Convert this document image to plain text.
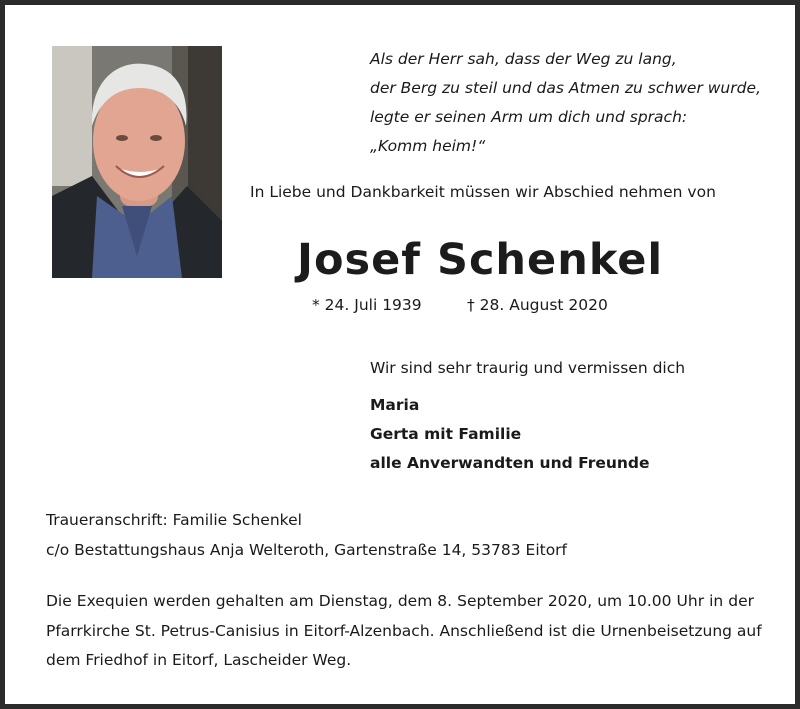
Als der Herr sah, dass der Weg zu lang,
der Berg zu steil und das Atmen zu schwer wurde,
legte er seinen Arm um dich und sprach:
„Komm heim!“
In Liebe und Dankbarkeit müssen wir Abschied nehmen von
Josef Schenkel
* 24. Juli 1939	† 28. August 2020
Wir sind sehr traurig und vermissen dich
Maria
Gerta mit Familie
alle Anverwandten und Freunde
Traueranschrift: Familie Schenkel
c/o Bestattungshaus Anja Welteroth, Gartenstraße 14, 53783 Eitorf
Die Exequien werden gehalten am Dienstag, dem 8. September 2020, um 10.00 Uhr in der
Pfarrkirche St. Petrus-Canisius in Eitorf-Alzenbach. Anschließend ist die Urnenbeisetzung auf
dem Friedhof in Eitorf, Lascheider Weg.
